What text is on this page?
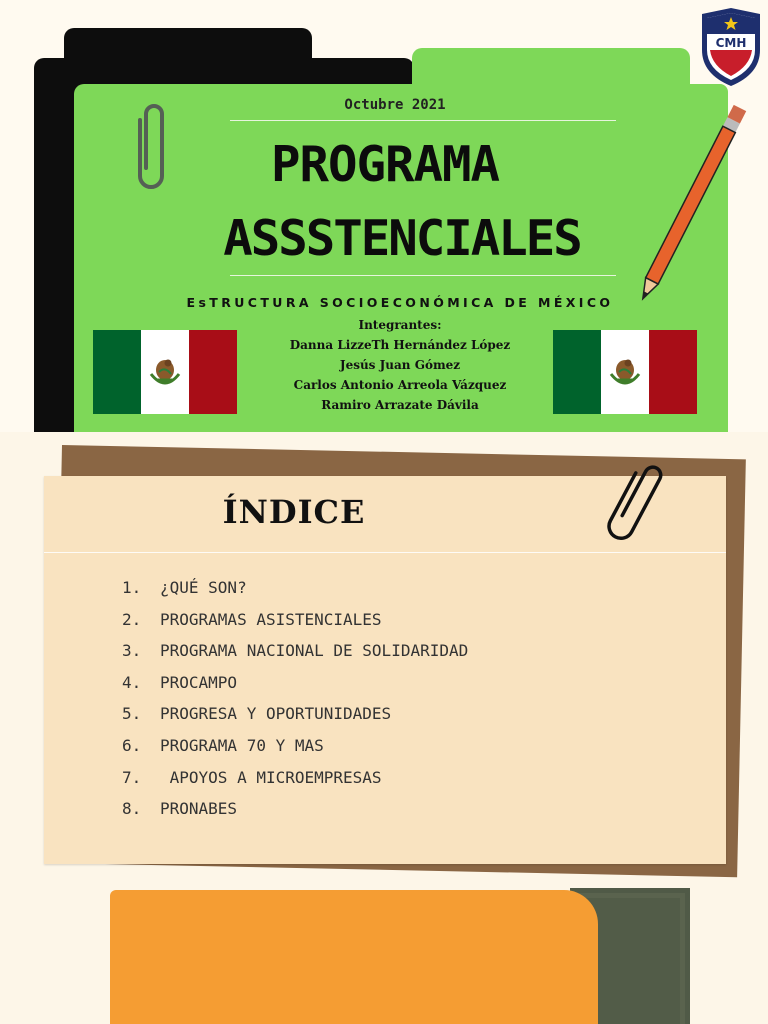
Octubre 2021
PROGRAMA
ASSSTENCIALES
EsTRUCTURA SOCIOECONÓMICA DE MÉXICO
Integrantes:
Danna LizzeTh Hernández López
Jesús Juan Gómez
Carlos Antonio Arreola Vázquez
Ramiro Arrazate Dávila
CMH
ÍNDICE
1. ¿QUÉ SON?
2. PROGRAMAS ASISTENCIALES
3. PROGRAMA NACIONAL DE SOLIDARIDAD
4. PROCAMPO
5. PROGRESA Y OPORTUNIDADES
6. PROGRAMA 70 Y MAS
7. APOYOS A MICROEMPRESAS
8. PRONABES
